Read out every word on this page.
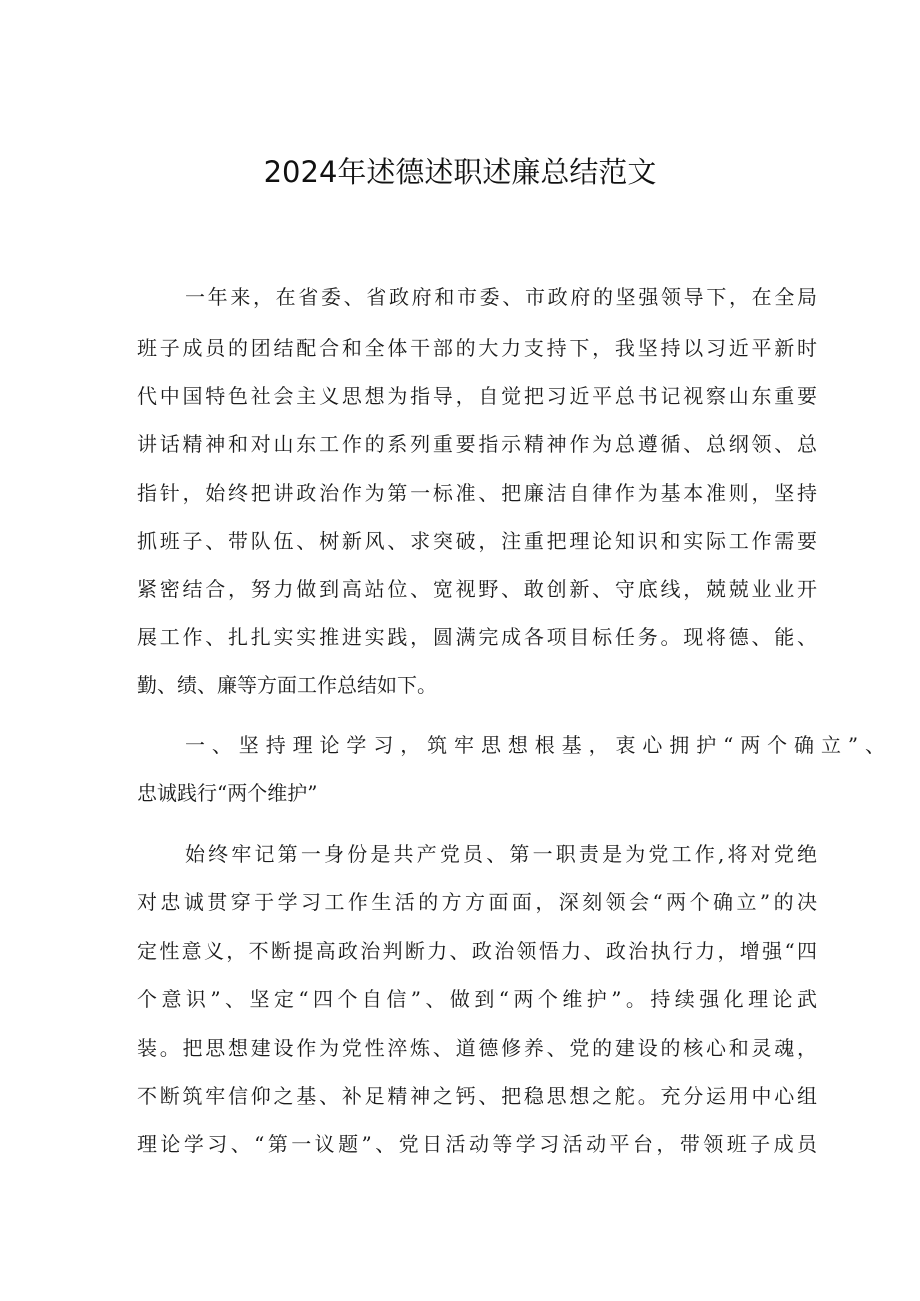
2024年述德述职述廉总结范文

一年来，在省委、省政府和市委、市政府的坚强领导下，在全局

班子成员的团结配合和全体干部的大力支持下，我坚持以习近平新时

代中国特色社会主义思想为指导，自觉把习近平总书记视察山东重要

讲话精神和对山东工作的系列重要指示精神作为总遵循、总纲领、总

指针，始终把讲政治作为第一标准、把廉洁自律作为基本准则，坚持

抓班子、带队伍、树新风、求突破，注重把理论知识和实际工作需要

紧密结合，努力做到高站位、宽视野、敢创新、守底线，兢兢业业开

展工作、扎扎实实推进实践，圆满完成各项目标任务。现将德、能、

勤、绩、廉等方面工作总结如下。

一、坚持理论学习，筑牢思想根基，衷心拥护“两个确立”、

忠诚践行“两个维护”

始终牢记第一身份是共产党员、第一职责是为党工作,将对党绝

对忠诚贯穿于学习工作生活的方方面面，深刻领会“两个确立”的决

定性意义，不断提高政治判断力、政治领悟力、政治执行力，增强“四

个意识”、坚定“四个自信”、做到“两个维护”。持续强化理论武

装。把思想建设作为党性淬炼、道德修养、党的建设的核心和灵魂，

不断筑牢信仰之基、补足精神之钙、把稳思想之舵。充分运用中心组

理论学习、“第一议题”、党日活动等学习活动平台，带领班子成员
